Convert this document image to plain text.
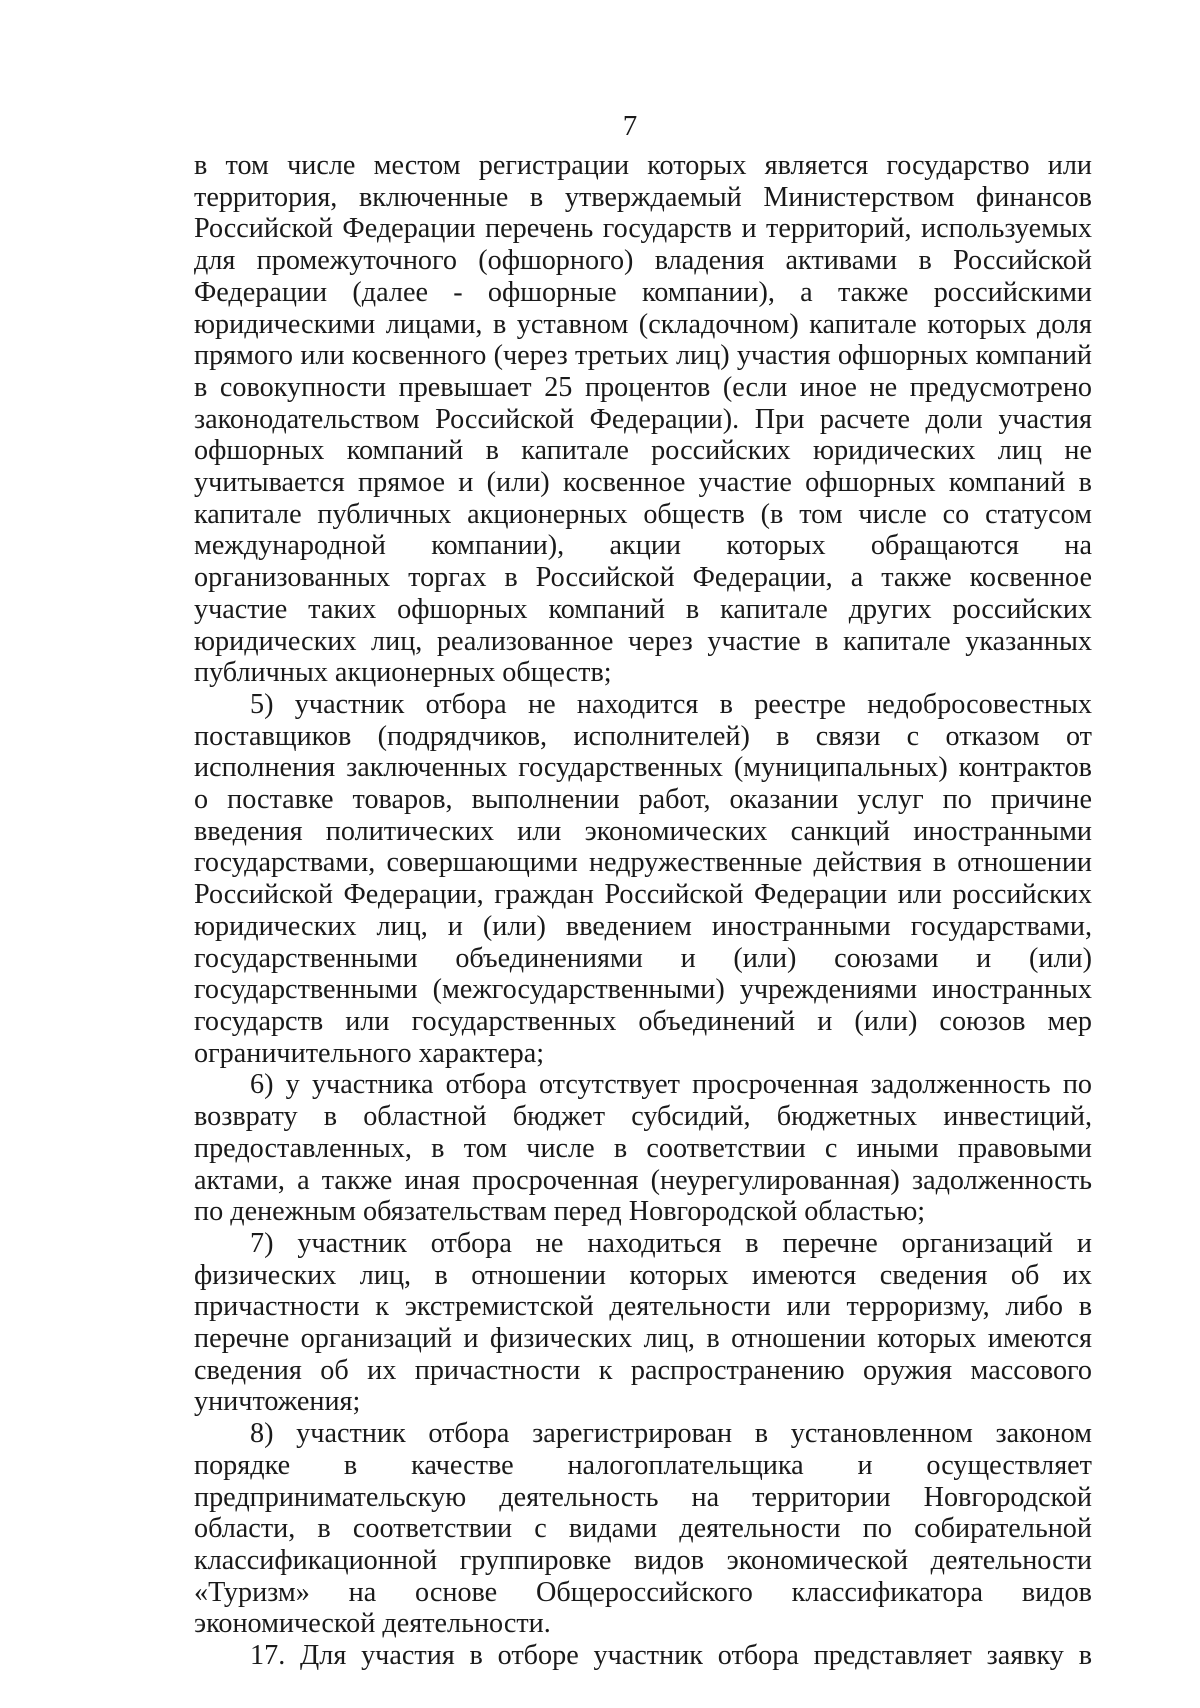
7

в том числе местом регистрации которых является государство или территория, включенные в утверждаемый Министерством финансов Российской Федерации перечень государств и территорий, используемых для промежуточного (офшорного) владения активами в Российской Федерации (далее - офшорные компании), а также российскими юридическими лицами, в уставном (складочном) капитале которых доля прямого или косвенного (через третьих лиц) участия офшорных компаний в совокупности превышает 25 процентов (если иное не предусмотрено законодательством Российской Федерации). При расчете доли участия офшорных компаний в капитале российских юридических лиц не учитывается прямое и (или) косвенное участие офшорных компаний в капитале публичных акционерных обществ (в том числе со статусом международной компании), акции которых обращаются на организованных торгах в Российской Федерации, а также косвенное участие таких офшорных компаний в капитале других российских юридических лиц, реализованное через участие в капитале указанных публичных акционерных обществ;

5) участник отбора не находится в реестре недобросовестных поставщиков (подрядчиков, исполнителей) в связи с отказом от исполнения заключенных государственных (муниципальных) контрактов о поставке товаров, выполнении работ, оказании услуг по причине введения политических или экономических санкций иностранными государствами, совершающими недружественные действия в отношении Российской Федерации, граждан Российской Федерации или российских юридических лиц, и (или) введением иностранными государствами, государственными объединениями и (или) союзами и (или) государственными (межгосударственными) учреждениями иностранных государств или государственных объединений и (или) союзов мер ограничительного характера;

6) у участника отбора отсутствует просроченная задолженность по возврату в областной бюджет субсидий, бюджетных инвестиций, предоставленных, в том числе в соответствии с иными правовыми актами, а также иная просроченная (неурегулированная) задолженность по денежным обязательствам перед Новгородской областью;

7) участник отбора не находиться в перечне организаций и физических лиц, в отношении которых имеются сведения об их причастности к экстремистской деятельности или терроризму, либо в перечне организаций и физических лиц, в отношении которых имеются сведения об их причастности к распространению оружия массового уничтожения;

8) участник отбора зарегистрирован в установленном законом порядке в качестве налогоплательщика и осуществляет предпринимательскую деятельность на территории Новгородской области, в соответствии с видами деятельности по собирательной классификационной группировке видов экономической деятельности «Туризм» на основе Общероссийского классификатора видов экономической деятельности.

17. Для участия в отборе участник отбора представляет заявку в
